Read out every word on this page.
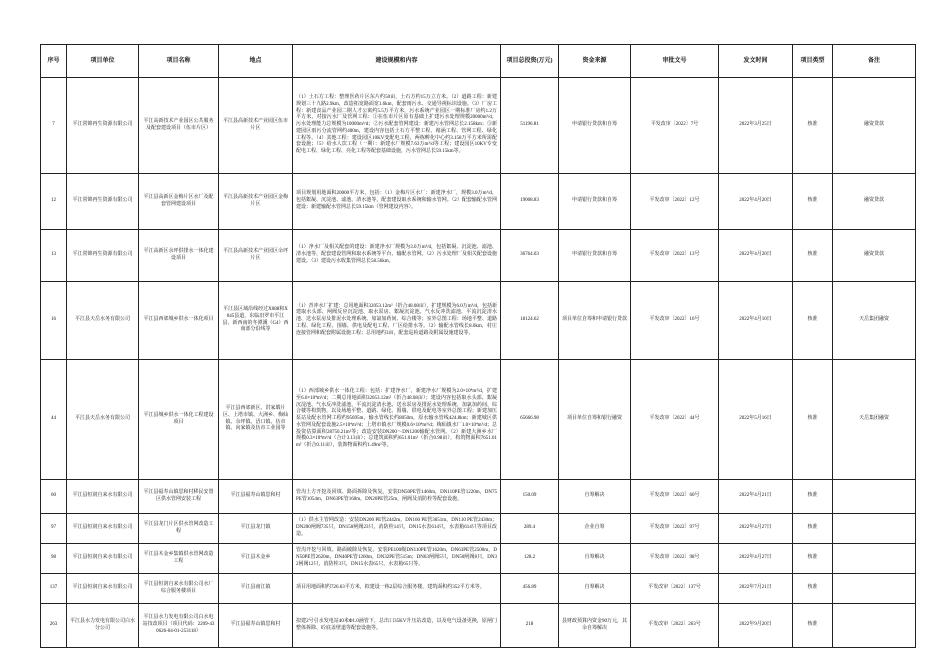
序号	项目单位	项目名称	地点	建设规模和内容	项目总投资(万元)	资金来源	审批文号	发文时间	项目类型	备注
7	平江常锦再生资源有限公司	平江高新技术产业园区公共服务及配套建设项目（伍市片区）	平江县高新技术产业园区伍市片区	（1）土石方工程：整理医药片区东片约50亩，土石方约15万立方米。（2）道路工程：新建规划三十九路2.9km，改造拓宽路面宽1.6km，配套雨污水、交通导视标识设施。（3）厂房工程：新建食品产业园二期人才公寓约5.5万平方米，污水系统产业园区一期标准厂房约1.2万平方米，对接污水厂及管网工程：①在伍市片区原有基础上扩建污水处理规模20000m³/d，污水处理能力总规模为10000m³/d；②污水配套管网建设：新建污水管网总长2.158km；③新建园区雨污分流管网约400m，建设内容包括土石方平整工程、箱涵工程、管网工程、绿化工程等。（4）其他工程：建设园区10KV变配电工程，两栋孵化中心约3.158万平方米所需配套设施；（5）给水人饮工程（一期）：新建水厂规模7.63万m³/d等工程；建设园区10KV专变配电工程、绿化工程、亮化工程等配套基础设施，污水管网总长59.15km等。	51196.81	申请银行贷款和自筹	平发改审〔2022〕7号	2022年3月25日	核准	融资贷款
12	平江常锦再生资源有限公司	平江县高新区金梅片区水厂及配套管网建设项目	平江县高新技术产业园区金梅片区	项目规划用地面积20000平方米，包括：（1）金梅片区水厂：新建净水厂，规模3.0万m³/d，包括絮凝、沉淀池、滤池、清水池等，配套建设取水系统和输水管网。（2）配套输配水管网建设：新建输配水管网总长59.15km（管网建设内容）。	19008.83	申请银行贷款和自筹	平发改审〔2022〕12号	2022年4月20日	核准	融资贷款
13	平江常锦再生资源有限公司	平江高新区余坪供排水一体化建设项目	平江县高新技术产业园区余坪片区	（1）净水厂及相关配套的建设：新建净水厂规模为3.0万m³/d，包括絮凝、沉淀池、滤池、清水池等，配套建设管网和取水系统等平台、输配水管网。（2）污水处理厂及相关配套设施建设。（3）建设污水收集管网总长58.56km。	36764.03	申请银行贷款和自筹	平发改审〔2022〕13号	2022年4月20日	核准	融资贷款
16	平江县天岳水务有限公司	平江县西郊城乡供水一体化项目	平江县区域沿线经过X088和X045县道，东临汨罗市平江县，新西南的冬潭溪（G4）西南部分沿线等	（1）青冲水厂扩建：总用地面积32053.12m²（折合48.08亩），扩建规模为6.0万m³/d，包括新建取水头部、闸阀反应沉淀池、取水泵房、絮凝沉淀池、气水反冲洗滤池、平流沉淀清水池、送水泵房及排泥水处理系统、加氯加药间、综合楼等；室外总图工程：场地平整、道路工程、绿化工程、围墙、供电及配电工程、厂区给排水等。（2）输配水管线长8.0km，村庄连接管网和配套附属设施工程；总用地约3亩，配套巡检道路及附属设施建设等。	18124.62	项目单位自筹和申请银行贷款	平发改审〔2022〕16号	2022年4月10日	核准	天岳集团融资
44	平江县天岳水务有限公司	平江县城乡供水一体化工程建设项目	平江县西郊新区、洪家塅片区、上塔市镇、大洲乡、梅仙镇、余坪镇、浯口镇、伍市镇、向家镇及伍市工业园等	（1）西部城乡供水一体化工程：包括：扩建净水厂，新建净水厂规模为2.0×10⁴m³/d，扩建至6.0×10⁴m³/d；二期总用地面积32053.12m²（折合48.08亩）；建设内容包括取水头部、絮凝沉淀池、气水反冲洗滤池、平流沉淀清水池、送水泵房及排泥水处理系统、加氯加药间、综合楼等构筑物，以及场地平整、道路、绿化、围墙、供电及配电等室外总图工程；新建加压泵站及配水管网工程约95695m，输水管线长约8050m，原水输水管线424.8km；新建城区供水管网及配套设施2.5×10⁴m³/d；上塔市镇水厂规模0.6×10⁴m³/d；梅仙镇水厂1.0×10⁴m³/d；总投资估算面积28750.21m²等；改造安装DN200～DN1200输配水管网。（2）新建大洲乡水厂规模0.3×10⁴m³/d（合计3.13亩）；总建筑面积约651.01m²（折合0.98亩），构筑物面积7651.01m²（折合0.11亩），装饰物面积约1.49m²等。	65666.98	项目单位自筹和银行融资	平发改审〔2022〕44号	2022年5月16日	核准	天岳集团融资
60	平江县恒润自来水有限公司	平江县福寿山镇思和村移民安置区供水管网安装工程	平江县福寿山镇思和村	管沟土方开挖及回填、路面拆除及恢复。安装DN50PE管1460m，DN110PE管1220m，DN75PE管1054m，DN63PE管160m，DN20PE管25m，闸阀及消防栓等配套设施。	150.09	自筹解决	平发改审〔2022〕60号	2022年4月21日	核准	
97	平江县恒润自来水有限公司	平江县龙门片区供水管网改造工程	平江县龙门镇	（1）供水主管网改造：安装DN200 PE管2442m，DN160 PE管3651m，DN110 PE管2430m；DN200闸阀735只，DN150闸阀23只，消防栓14只，DN15水表614只，水表箱614只等项目改造。	289.4	企业自筹	平发改审〔2022〕97号	2022年4月27日	核准	
98	平江县恒润自来水有限公司	平江县木金乡集镇供水管网改造工程	平江县木金乡	管沟开挖与回填、路面破除及恢复。安装PE100级DN110PE管1620m，DN63PE管2500m，DN50PE管2620m，DN40PE管1260m，DN32PE管515m；DN63闸阀5只，DN50闸阀8只，DN32闸阀12只，消防栓3只，DN15水表65只，水表箱65只等。	128.2	自筹解决	平发改审〔2022〕98号	2022年4月27日	核准	
137	平江县恒润自来水有限公司	平江县恒润自来水有限公司水厂综合服务楼项目	平江县南江镇	项目用地面积约726.63平方米，拟建设一栋2层综合服务楼，建筑面积约352平方米等。	456.89	自筹解决	平发改审〔2022〕137号	2022年7月21日	核准	
263	平江县水力发电有限公司白水分公司	平江县水力发电有限公司白水电站技改项目（项目代码：2209-430626-04-01-253118）	平江县福寿山镇思和村	拟建2号引水发电站40米Φ1.0涵管下，总出口35KV升压站改造，以及电气设备更换，原闸门整体拆除、砼底盖壁道等配套设施等。	218	县财政预算内资金90万元，其余自筹解决	平发改审〔2022〕263号	2022年9月20日	核准	
